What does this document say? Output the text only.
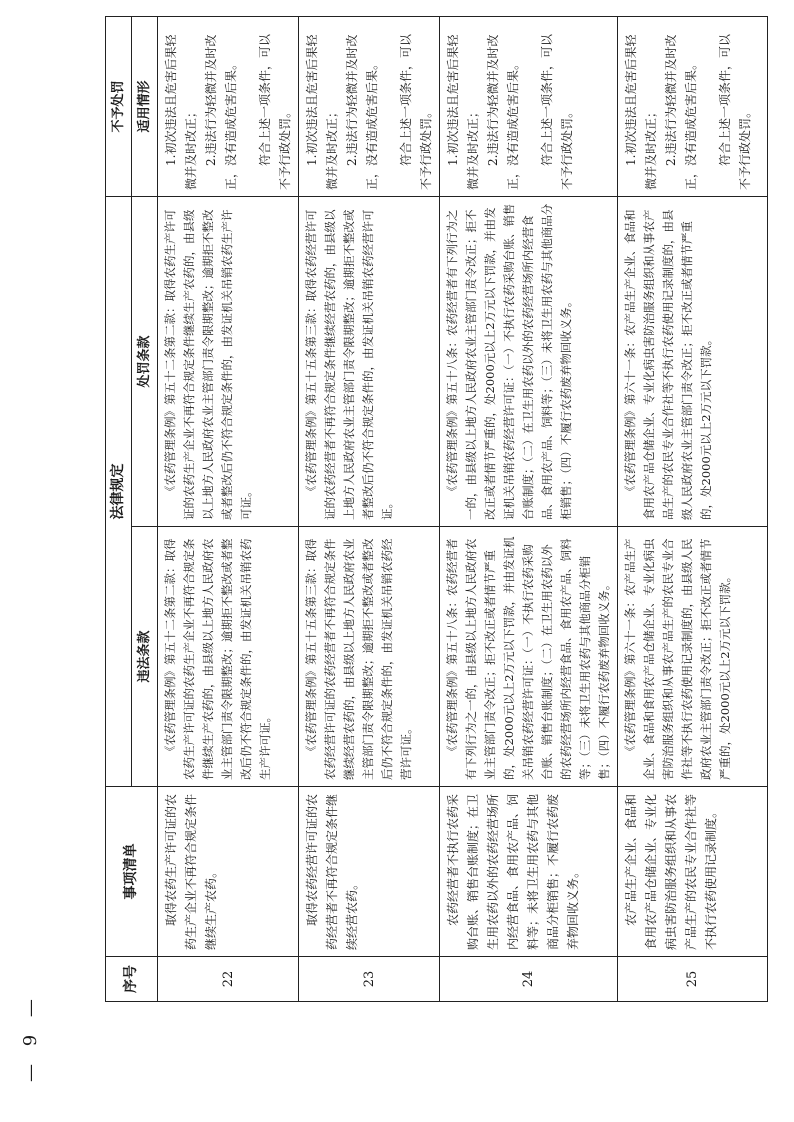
— 9 —
序号	事项清单	法律规定		不予处罚
		违法条款	处罚条款	适用情形
22	取得农药生产许可证的农药生产企业不再符合规定条件继续生产农药。	《农药管理条例》第五十二条第二款：取得农药生产许可证的农药生产企业不再符合规定条件继续生产农药的，由县级以上地方人民政府农业主管部门责令限期整改；逾期拒不整改或者整改后仍不符合规定条件的，由发证机关吊销农药生产许可证。	《农药管理条例》第五十二条第二款：取得农药生产许可证的农药生产企业不再符合规定条件继续生产农药的，由县级以上地方人民政府农业主管部门责令限期整改；逾期拒不整改或者整改后仍不符合规定条件的，由发证机关吊销农药生产许可证。	1.初次违法且危害后果轻微并及时改正； 2.违法行为轻微并及时改正，没有造成危害后果。 符合上述一项条件，可以不予行政处罚。

23	取得农药经营许可证的农药经营者不再符合规定条件继续经营农药。	《农药管理条例》第五十五条第三款：取得农药经营许可证的农药经营者不再符合规定条件继续经营农药的，由县级以上地方人民政府农业主管部门责令限期整改；逾期拒不整改或者整改后仍不符合规定条件的，由发证机关吊销农药经营许可证。	《农药管理条例》第五十五条第三款：取得农药经营许可证的农药经营者不再符合规定条件继续经营农药的，由县级以上地方人民政府农业主管部门责令限期整改；逾期拒不整改或者整改后仍不符合规定条件的，由发证机关吊销农药经营许可证。	1.初次违法且危害后果轻微并及时改正； 2.违法行为轻微并及时改正，没有造成危害后果。 符合上述一项条件，可以不予行政处罚。

24	农药经营者不执行农药采购台账、销售台账制度；在卫生用农药以外的农药经营场所内经营食品、食用农产品、饲料等；未将卫生用农药与其他商品分柜销售；不履行农药废弃物回收义务。	《农药管理条例》第五十八条：农药经营者有下列行为之一的，由县级以上地方人民政府农业主管部门责令改正；拒不改正或者情节严重的，处2000元以上2万元以下罚款，并由发证机关吊销农药经营许可证：（一）不执行农药采购台账、销售台账制度；（二）在卫生用农药以外的农药经营场所内经营食品、食用农产品、饲料等；（三）未将卫生用农药与其他商品分柜销售；（四）不履行农药废弃物回收义务。	《农药管理条例》第五十八条：农药经营者有下列行为之一的，由县级以上地方人民政府农业主管部门责令改正；拒不改正或者情节严重的，处2000元以上2万元以下罚款，并由发证机关吊销农药经营许可证：（一）不执行农药采购台账、销售台账制度；（二）在卫生用农药以外的农药经营场所内经营食品、食用农产品、饲料等；（三）未将卫生用农药与其他商品分柜销售；（四）不履行农药废弃物回收义务。	1.初次违法且危害后果轻微并及时改正； 2.违法行为轻微并及时改正，没有造成危害后果。 符合上述一项条件，可以不予行政处罚。

25	农产品生产企业、食品和食用农产品仓储企业、专业化病虫害防治服务组织和从事农产品生产的农民专业合作社等不执行农药使用记录制度。	《农药管理条例》第六十一条：农产品生产企业、食品和食用农产品仓储企业、专业化病虫害防治服务组织和从事农产品生产的农民专业合作社等不执行农药使用记录制度的，由县级人民政府农业主管部门责令改正；拒不改正或者情节严重的，处2000元以上2万元以下罚款。	《农药管理条例》第六十一条：农产品生产企业、食品和食用农产品仓储企业、专业化病虫害防治服务组织和从事农产品生产的农民专业合作社等不执行农药使用记录制度的，由县级人民政府农业主管部门责令改正；拒不改正或者情节严重的，处2000元以上2万元以下罚款。	1.初次违法且危害后果轻微并及时改正； 2.违法行为轻微并及时改正，没有造成危害后果。 符合上述一项条件，可以不予行政处罚。
